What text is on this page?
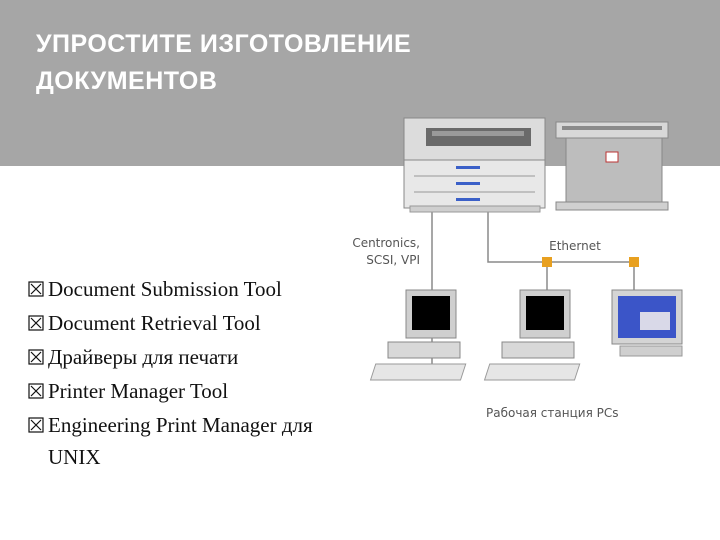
УПРОСТИТЕ ИЗГОТОВЛЕНИЕ
ДОКУМЕНТОВ
Centronics,
SCSI, VPI
Ethernet
Рабочая станция PCs
Document Submission Tool
Document Retrieval Tool
Драйверы для печати
Printer Manager Tool
Engineering Print Manager для
UNIX
